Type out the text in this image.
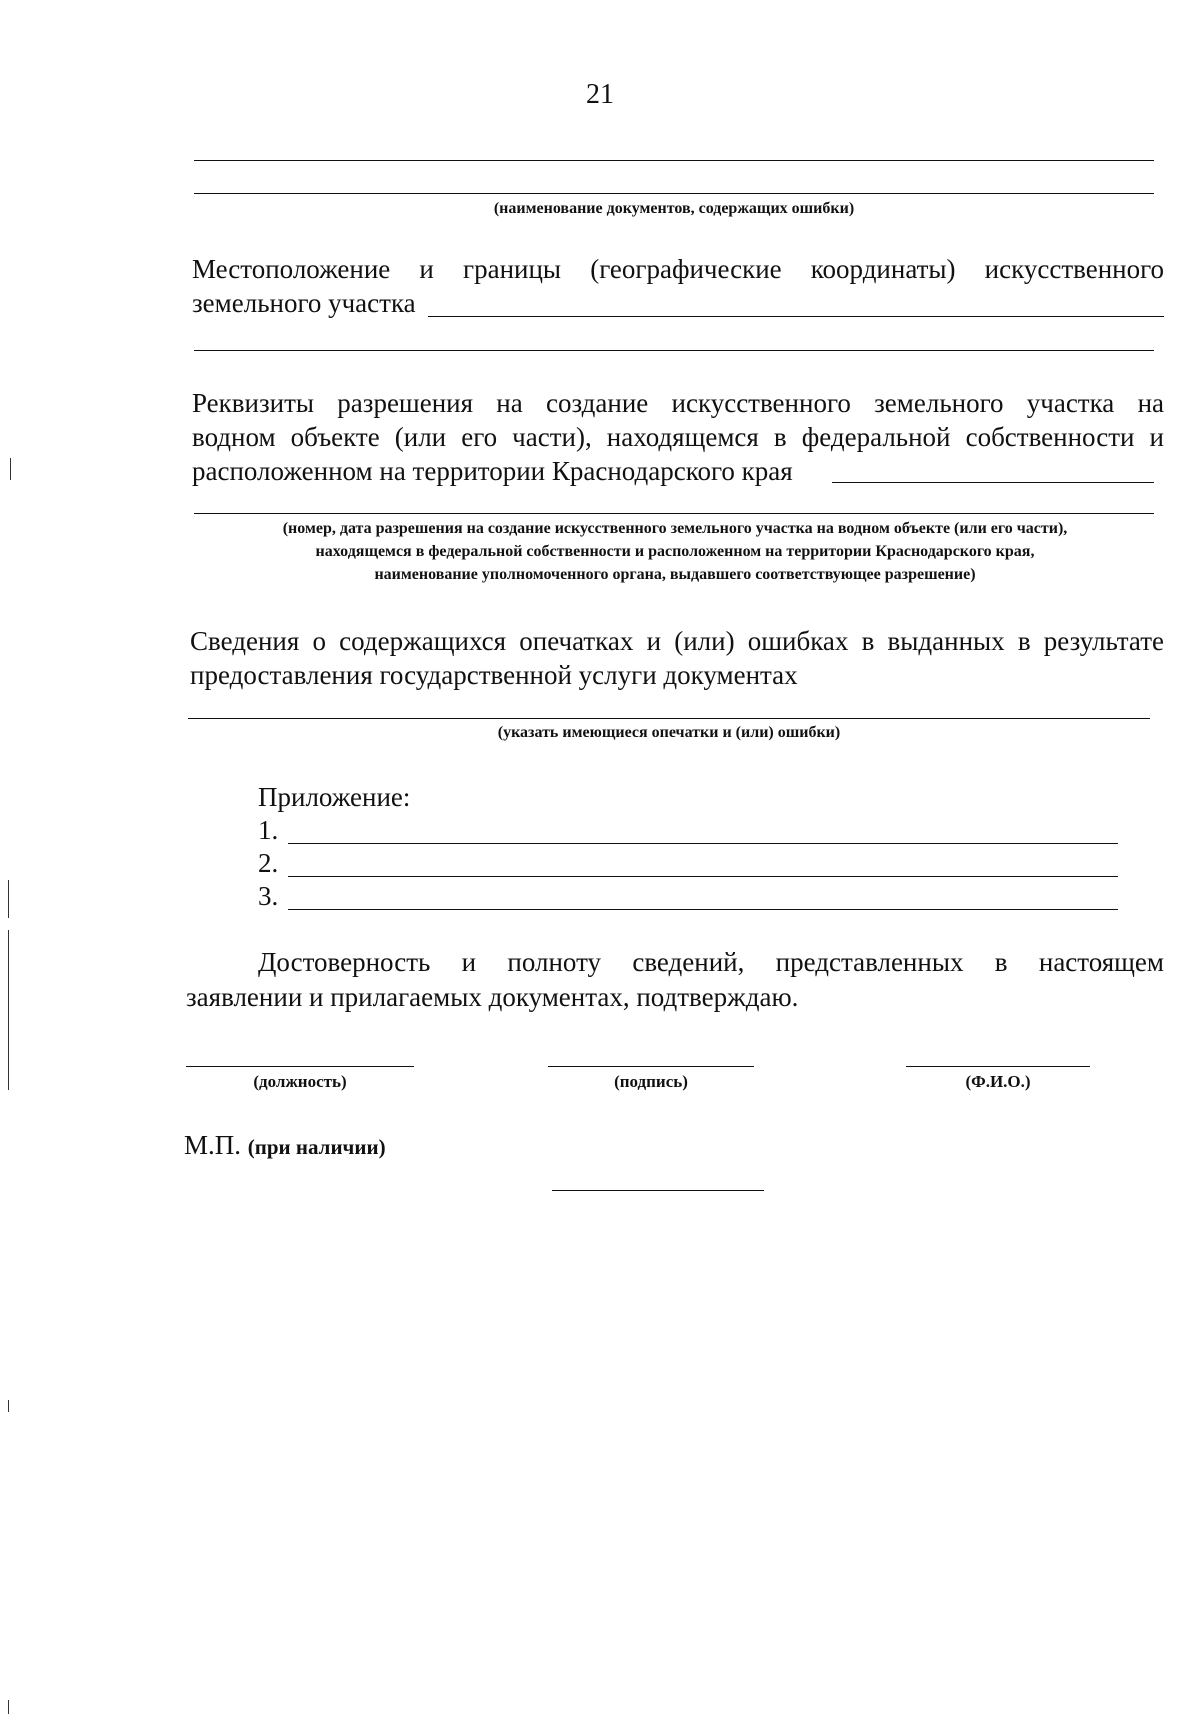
21
(наименование документов, содержащих ошибки)
Местоположение и границы (географические координаты) искусственного
земельного участка
Реквизиты разрешения на создание искусственного земельного участка на
водном объекте (или его части), находящемся в федеральной собственности и
расположенном на территории Краснодарского края
(номер, дата разрешения на создание искусственного земельного участка на водном объекте (или его части),
находящемся в федеральной собственности и расположенном на территории Краснодарского края,
наименование уполномоченного органа, выдавшего соответствующее разрешение)
Сведения о содержащихся опечатках и (или) ошибках в выданных в результате
предоставления государственной услуги документах
(указать имеющиеся опечатки и (или) ошибки)
Приложение:
1.
2.
3.
Достоверность и полноту сведений, представленных в настоящем
заявлении и прилагаемых документах, подтверждаю.
(должность)	(подпись)	(Ф.И.О.)
М.П. (при наличии)
